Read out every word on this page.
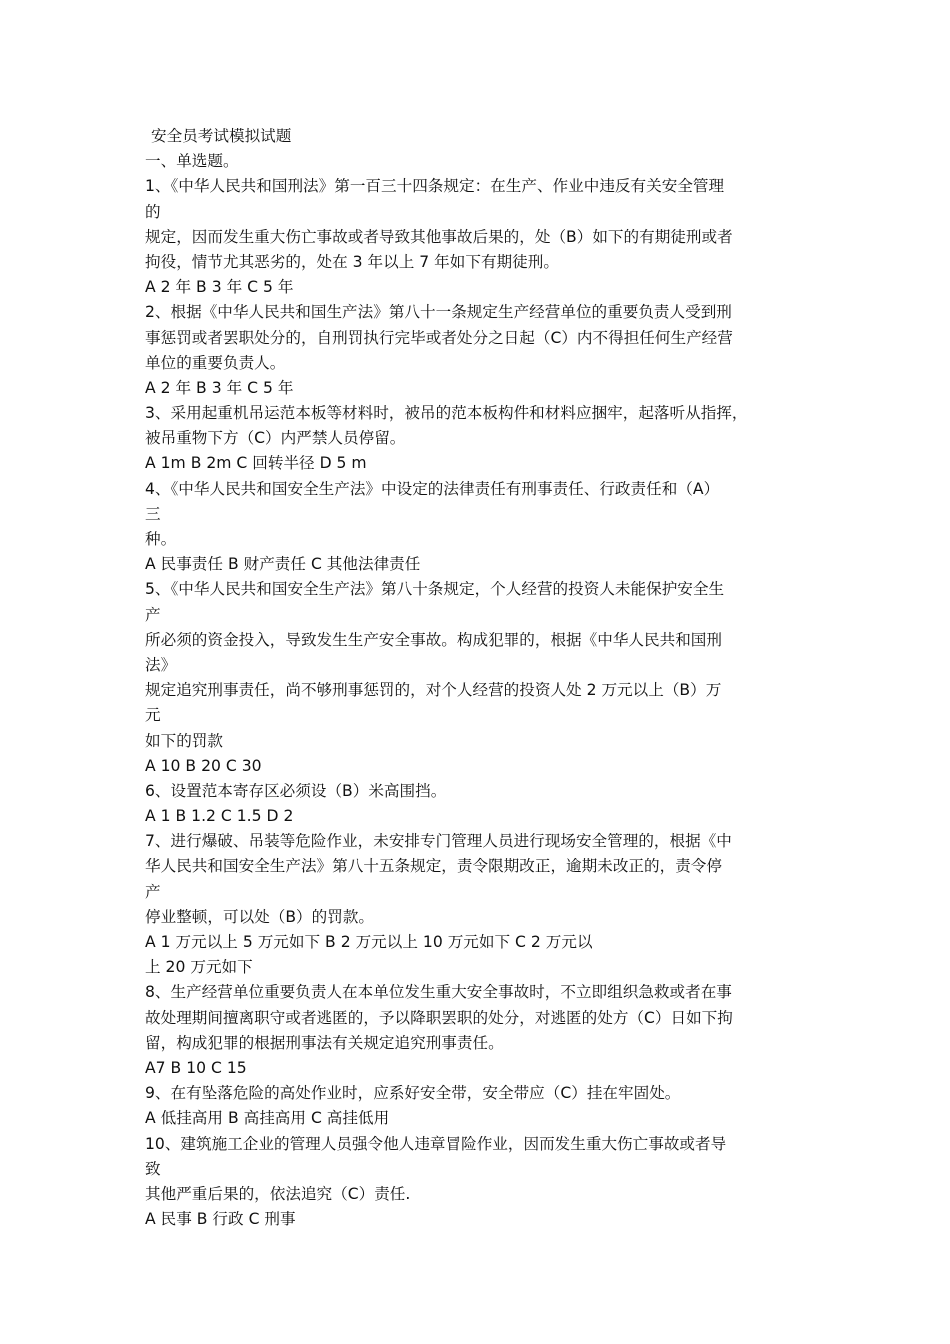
安全员考试模拟试题
一、单选题。
1、《中华人民共和国刑法》第一百三十四条规定：在生产、作业中违反有关安全管理
的
规定，因而发生重大伤亡事故或者导致其他事故后果的，处（B）如下的有期徒刑或者
拘役，情节尤其恶劣的，处在 3 年以上 7 年如下有期徒刑。
A 2 年 B 3 年 C 5 年
2、根据《中华人民共和国生产法》第八十一条规定生产经营单位的重要负责人受到刑
事惩罚或者罢职处分的，自刑罚执行完毕或者处分之日起（C）内不得担任何生产经营
单位的重要负责人。
A 2 年 B 3 年 C 5 年
3、采用起重机吊运范本板等材料时，被吊的范本板构件和材料应捆牢，起落听从指挥，
被吊重物下方（C）内严禁人员停留。
A 1m B 2m C 回转半径 D 5 m
4、《中华人民共和国安全生产法》中设定的法律责任有刑事责任、行政责任和（A）
三
种。
A 民事责任 B 财产责任 C 其他法律责任
5、《中华人民共和国安全生产法》第八十条规定，个人经营的投资人未能保护安全生
产
所必须的资金投入，导致发生生产安全事故。构成犯罪的，根据《中华人民共和国刑
法》
规定追究刑事责任，尚不够刑事惩罚的，对个人经营的投资人处 2 万元以上（B）万
元
如下的罚款
A 10 B 20 C 30
6、设置范本寄存区必须设（B）米高围挡。
A 1 B 1.2 C 1.5 D 2
7、进行爆破、吊装等危险作业，未安排专门管理人员进行现场安全管理的，根据《中
华人民共和国安全生产法》第八十五条规定，责令限期改正，逾期未改正的，责令停
产
停业整顿，可以处（B）的罚款。
A 1 万元以上 5 万元如下 B 2 万元以上 10 万元如下 C 2 万元以
上 20 万元如下
8、生产经营单位重要负责人在本单位发生重大安全事故时，不立即组织急救或者在事
故处理期间擅离职守或者逃匿的，予以降职罢职的处分，对逃匿的处方（C）日如下拘
留，构成犯罪的根据刑事法有关规定追究刑事责任。
A7 B 10 C 15
9、在有坠落危险的高处作业时，应系好安全带，安全带应（C）挂在牢固处。
A 低挂高用 B 高挂高用 C 高挂低用
10、建筑施工企业的管理人员强令他人违章冒险作业，因而发生重大伤亡事故或者导
致
其他严重后果的，依法追究（C）责任.
A 民事 B 行政 C 刑事
